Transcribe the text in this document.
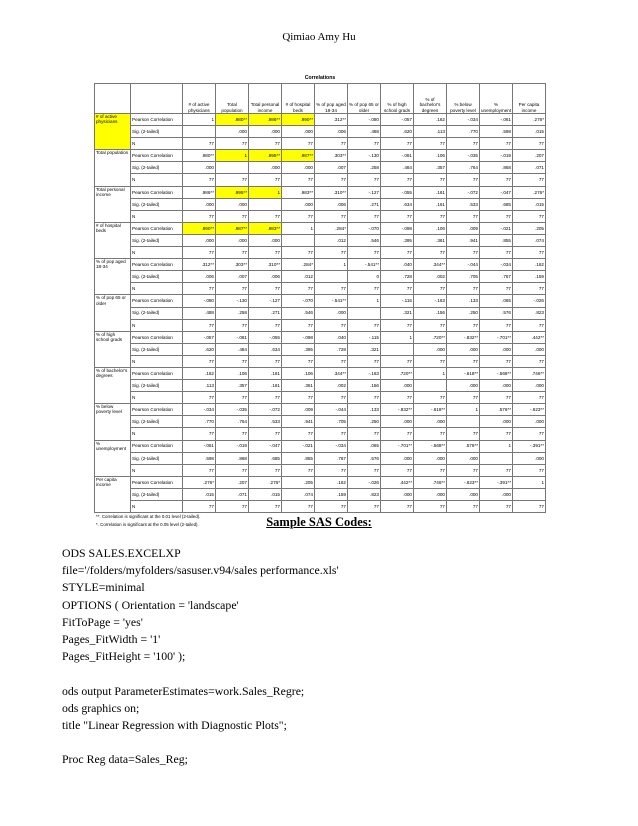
Qimiao Amy Hu
Correlations
		# of active physicians	Total population	Total personal income	# of hospital beds	% of pop aged 18-34	% of pop 65 or older	% of high school grads	% of bachelor's degrees	% below poverty level	% unemployment	Per capita income
# of active physicians	Pearson Correlation	1	.980**	.986**	.990**	.312**	-.080	-.057	.162	-.034	-.061	.276*
	Sig. (2-tailed)		.000	.000	.000	.006	.488	.620	.113	.770	.598	.015
	N	77	77	77	77	77	77	77	77	77	77	77
Total population	Pearson Correlation	.980**	1	.995**	.987**	.303**	-.130	-.081	.106	-.035	-.019	.207
	Sig. (2-tailed)	.000		.000	.000	.007	.258	.484	.357	.764	.868	.071
	N	77	77	77	77	77	77	77	77	77	77	77
Total personal income	Pearson Correlation	.986**	.995**	1	.983**	.310**	-.127	-.055	.161	-.072	-.047	.276*
	Sig. (2-tailed)	.000	.000		.000	.006	.271	.634	.161	.533	.685	.015
	N	77	77	77	77	77	77	77	77	77	77	77
# of hospital beds	Pearson Correlation	.990**	.987**	.983**	1	.284*	-.070	-.098	.106	.009	-.021	.205
	Sig. (2-tailed)	.000	.000	.000		.012	.546	.395	.361	.941	.855	.074
	N	77	77	77	77	77	77	77	77	77	77	77
% of pop aged 18-34	Pearson Correlation	.312**	.303**	.310**	.284*	1	-.541**	.040	.344**	-.044	-.034	.162
	Sig. (2-tailed)	.006	.007	.006	.012		0	.728	.002	.705	.767	.159
	N	77	77	77	77	77	77	77	77	77	77	77
% of pop 65 or older	Pearson Correlation	-.080	-.130	-.127	-.070	-.541**	1	-.115	-.163	.133	.065	-.026
	Sig. (2-tailed)	.488	.258	.271	.546	.000		.321	.156	.250	.576	.823
	N	77	77	77	77	77	77	77	77	77	77	77
% of high school grads	Pearson Correlation	-.057	-.081	-.055	-.098	.040	-.115	1	.720**	-.832**	-.701**	.442**
	Sig. (2-tailed)	.620	.484	.634	.395	.728	.321		.000	.000	.000	.000
	N	77	77	77	77	77	77	77	77	77	77	77
% of bachelor's degrees	Pearson Correlation	.162	.106	.161	.106	.344**	-.163	.720**	1	-.618**	-.568**	.746**
	Sig. (2-tailed)	.113	.357	.161	.361	.002	.156	.000		.000	.000	.000
	N	77	77	77	77	77	77	77	77	77	77	77
% below poverty level	Pearson Correlation	-.034	-.035	-.072	.009	-.044	.133	-.832**	-.618**	1	.576**	-.623**
	Sig. (2-tailed)	.770	.764	.533	.941	.705	.250	.000	.000		.000	.000
	N	77	77	77	77	77	77	77	77	77	77	77
% unemployment	Pearson Correlation	-.061	-.019	-.047	-.021	-.034	.065	-.701**	-.568**	.576**	1	-.391**
	Sig. (2-tailed)	.598	.868	.685	.855	.767	.576	.000	.000	.000		.000
	N	77	77	77	77	77	77	77	77	77	77	77
Per capita income	Pearson Correlation	.276*	.207	.276*	.205	.162	-.026	.442**	.746**	-.623**	-.391**	1
	Sig. (2-tailed)	.015	.071	.015	.074	.159	.823	.000	.000	.000	.000	
	N	77	77	77	77	77	77	77	77	77	77	77
**. Correlation is significant at the 0.01 level (2-tailed).
*. Correlation is significant at the 0.05 level (2-tailed).	Sample SAS Codes:
ODS SALES.EXCELXP
file='/folders/myfolders/sasuser.v94/sales performance.xls'
STYLE=minimal
OPTIONS ( Orientation = 'landscape'
FitToPage = 'yes'
Pages_FitWidth = '1'
Pages_FitHeight = '100' );
ods output ParameterEstimates=work.Sales_Regre;
ods graphics on;
title "Linear Regression with Diagnostic Plots";
Proc Reg data=Sales_Reg;
